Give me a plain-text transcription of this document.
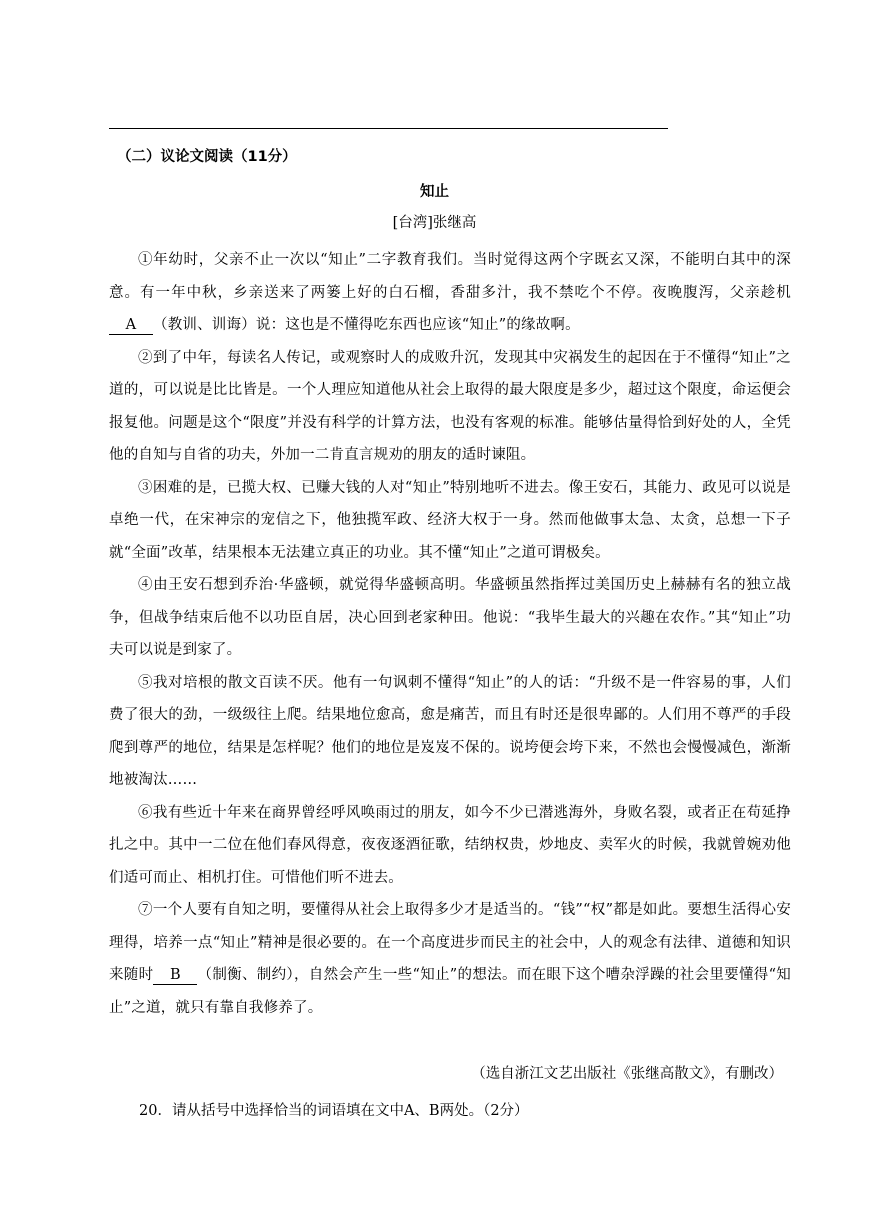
（二）议论文阅读（11分）
知止
[台湾]张继高

①年幼时，父亲不止一次以“知止”二字教育我们。当时觉得这两个字既玄又深，不能明白其中的深意。有一年中秋，乡亲送来了两篓上好的白石榴，香甜多汁，我不禁吃个不停。夜晚腹泻，父亲趁机A （教训、训诲）说：这也是不懂得吃东西也应该“知止”的缘故啊。

②到了中年，每读名人传记，或观察时人的成败升沉，发现其中灾祸发生的起因在于不懂得“知止”之道的，可以说是比比皆是。一个人理应知道他从社会上取得的最大限度是多少，超过这个限度，命运便会报复他。问题是这个“限度”并没有科学的计算方法，也没有客观的标准。能够估量得恰到好处的人，全凭他的自知与自省的功夫，外加一二肯直言规劝的朋友的适时谏阻。

③困难的是，已揽大权、已赚大钱的人对“知止”特别地听不进去。像王安石，其能力、政见可以说是卓绝一代，在宋神宗的宠信之下，他独揽军政、经济大权于一身。然而他做事太急、太贪，总想一下子就“全面”改革，结果根本无法建立真正的功业。其不懂“知止”之道可谓极矣。

④由王安石想到乔治·华盛顿，就觉得华盛顿高明。华盛顿虽然指挥过美国历史上赫赫有名的独立战争，但战争结束后他不以功臣自居，决心回到老家种田。他说：“我毕生最大的兴趣在农作。”其“知止”功夫可以说是到家了。

⑤我对培根的散文百读不厌。他有一句讽刺不懂得“知止”的人的话：“升级不是一件容易的事，人们费了很大的劲，一级级往上爬。结果地位愈高，愈是痛苦，而且有时还是很卑鄙的。人们用不尊严的手段爬到尊严的地位，结果是怎样呢？他们的地位是岌岌不保的。说垮便会垮下来，不然也会慢慢减色，渐渐地被淘汰……

⑥我有些近十年来在商界曾经呼风唤雨过的朋友，如今不少已潜逃海外，身败名裂，或者正在苟延挣扎之中。其中一二位在他们春风得意，夜夜逐酒征歌，结纳权贵，炒地皮、卖军火的时候，我就曾婉劝他们适可而止、相机打住。可惜他们听不进去。

⑦一个人要有自知之明，要懂得从社会上取得多少才是适当的。“钱”“权”都是如此。要想生活得心安理得，培养一点“知止”精神是很必要的。在一个高度进步而民主的社会中，人的观念有法律、道德和知识来随时 B （制衡、制约），自然会产生一些“知止”的想法。而在眼下这个嘈杂浮躁的社会里要懂得“知止”之道，就只有靠自我修养了。

（选自浙江文艺出版社《张继高散文》，有删改）
20．请从括号中选择恰当的词语填在文中A、B两处。（2分）
